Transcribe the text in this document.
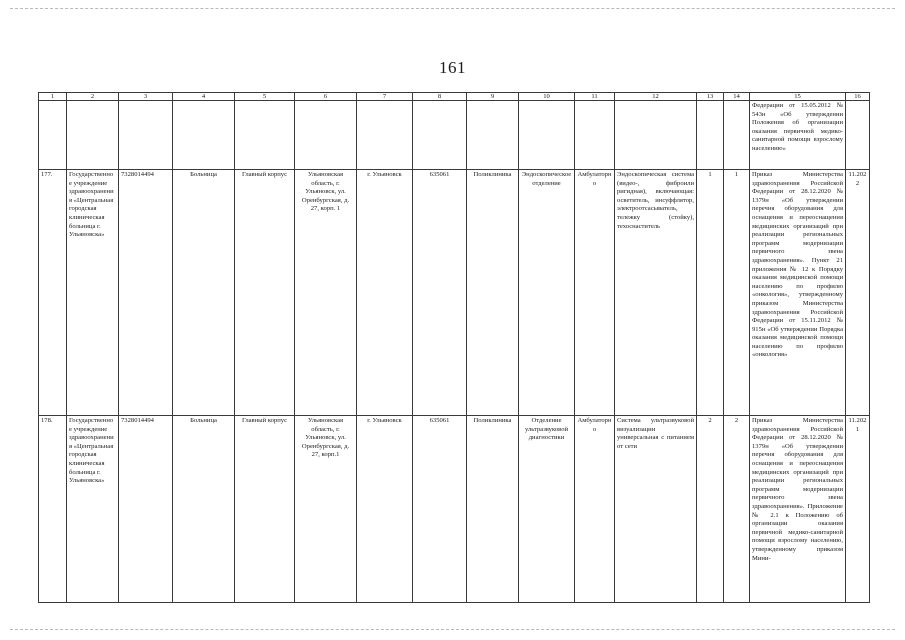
161
1	2	3	4	5	6	7	8	9	10	11	12	13	14	15	16
														Федерации от 15.05.2012 № 543н «Об утверждении Положения об организации оказания первичной медико-санитарной помощи взрослому населению»	
177.	Государственное учреждение здравоохранения «Центральная городская клиническая больница г. Ульяновска»	7328014494	Больница	Главный корпус	Ульяновская область, г. Ульяновск, ул. Оренбургская, д. 27, корп. 1	г. Ульяновск	635061	Поликлиника	Эндоскопическое отделение	Амбулаторно	Эндоскопическая система (видео-, фиброили ригидная), включающая: осветитель, инсуффлятор, электроотсасыватель, тележку (стойку), техоснаститель	1	1	Приказ Министерства здравоохранения Российской Федерации от 28.12.2020 № 1379н «Об утверждении перечня оборудования для оснащения и переоснащения медицинских организаций при реализации региональных программ модернизации первичного звена здравоохранения». Пункт 21 приложения № 12 к Порядку оказания медицинской помощи населению по профилю «онкология», утвержденному приказом Министерства здравоохранения Российской Федерации от 15.11.2012 № 915н «Об утверждении Порядка оказания медицинской помощи населению по профилю «онкология»	11.2022
178.	Государственное учреждение здравоохранения «Центральная городская клиническая больница г. Ульяновска»	7328014494	Больница	Главный корпус	Ульяновская область, г. Ульяновск, ул. Оренбургская, д. 27, корп.1	г. Ульяновск	635061	Поликлиника	Отделение ультразвуковой диагностики	Амбулаторно	Система ультразвуковой визуализации универсальная с питанием от сети	2	2	Приказ Министерства здравоохранения Российской Федерации от 28.12.2020 № 1379н «Об утверждении перечня оборудования для оснащения и переоснащения медицинских организаций при реализации региональных программ модернизации первичного звена здравоохранения». Приложение № 2.1 к Положению об организации оказания первичной медико-санитарной помощи взрослому населению, утвержденному приказом Мини-	11.2021
